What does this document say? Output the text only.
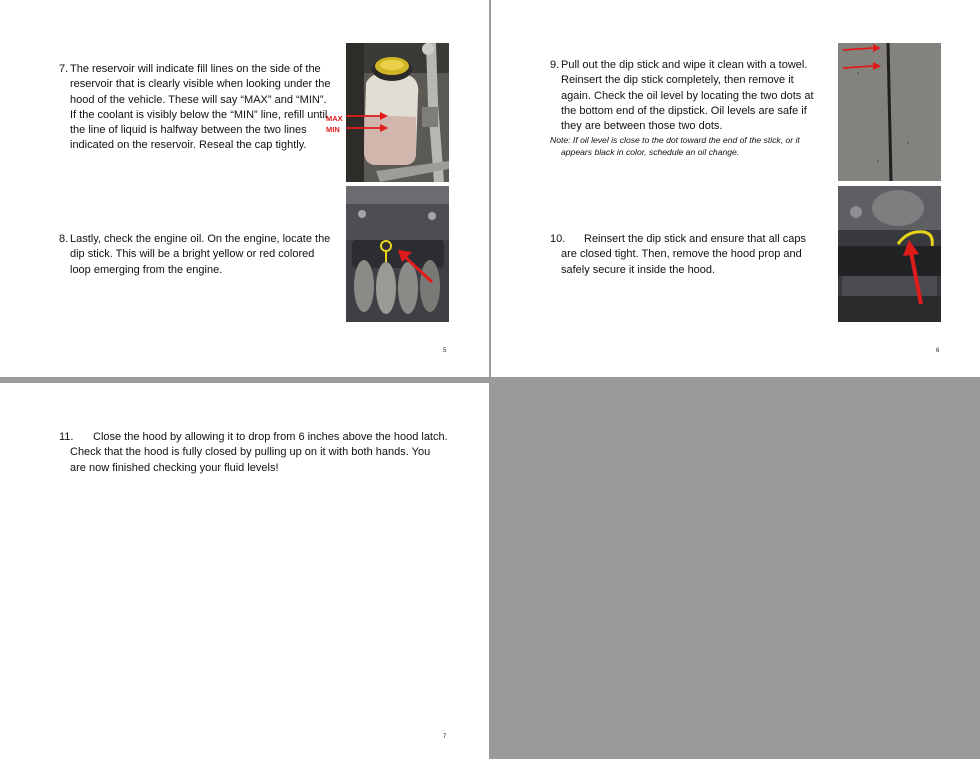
7. The reservoir will indicate fill lines on the side of the reservoir that is clearly visible when looking under the hood of the vehicle. These will say “MAX” and “MIN”. If the coolant is visibly below the “MIN” line, refill until the line of liquid is halfway between the two lines indicated on the reservoir. Reseal the cap tightly.
MAX
MIN
8. Lastly, check the engine oil. On the engine, locate the dip stick. This will be a bright yellow or red colored loop emerging from the engine.
5
9. Pull out the dip stick and wipe it clean with a towel. Reinsert the dip stick completely, then remove it again. Check the oil level by locating the two dots at the bottom end of the dipstick. Oil levels are safe if they are between those two dots.
Note: If oil level is close to the dot toward the end of the stick, or it appears black in color, schedule an oil change.
10. Reinsert the dip stick and ensure that all caps are closed tight. Then, remove the hood prop and safely secure it inside the hood.
6
11. Close the hood by allowing it to drop from 6 inches above the hood latch. Check that the hood is fully closed by pulling up on it with both hands. You are now finished checking your fluid levels!
7
